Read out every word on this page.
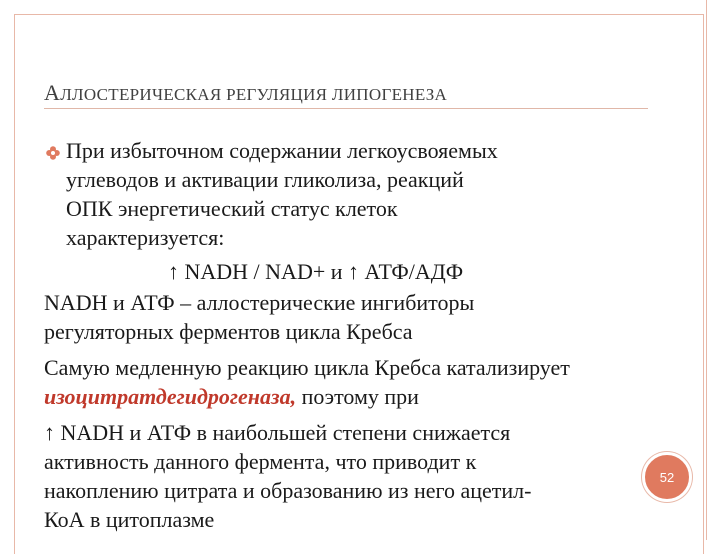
АЛЛОСТЕРИЧЕСКАЯ РЕГУЛЯЦИЯ ЛИПОГЕНЕЗА
При избыточном содержании легкоусвояемых
углеводов и активации гликолиза, реакций
ОПК энергетический статус клеток
характеризуется:
↑ NADH / NAD+ и ↑ АТФ/АДФ
NADH и АТФ – аллостерические ингибиторы
регуляторных ферментов цикла Кребса
Самую медленную реакцию цикла Кребса катализирует
изоцитратдегидрогеназа, поэтому при
↑ NADH и АТФ в наибольшей степени снижается
активность данного фермента, что приводит к
накоплению цитрата и образованию из него ацетил-
КоА в цитоплазме
52
